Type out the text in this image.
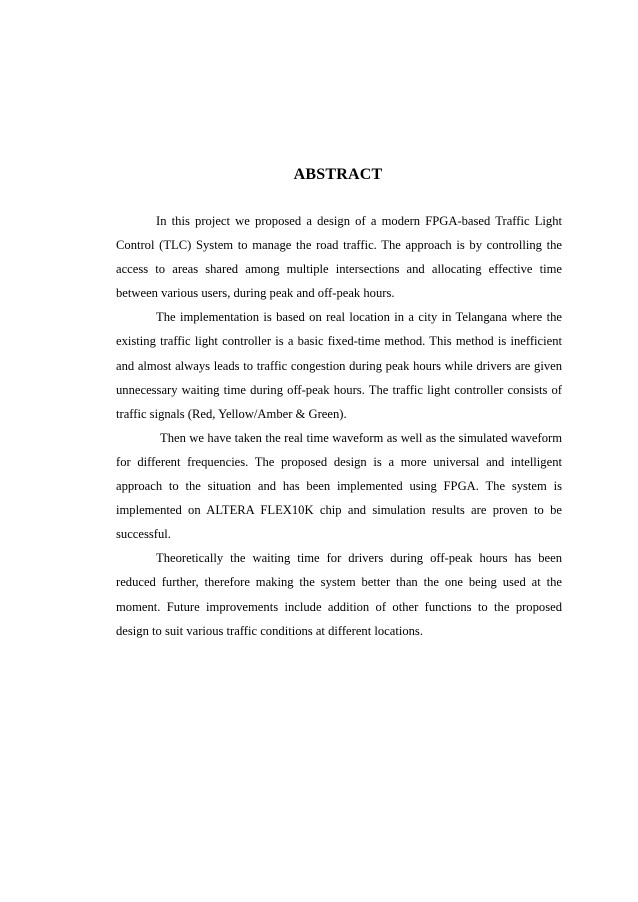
ABSTRACT

In this project we proposed a design of a modern FPGA-based Traffic Light Control (TLC) System to manage the road traffic. The approach is by controlling the access to areas shared among multiple intersections and allocating effective time between various users, during peak and off-peak hours.

The implementation is based on real location in a city in Telangana where the existing traffic light controller is a basic fixed-time method. This method is inefficient and almost always leads to traffic congestion during peak hours while drivers are given unnecessary waiting time during off-peak hours. The traffic light controller consists of traffic signals (Red, Yellow/Amber & Green).

Then we have taken the real time waveform as well as the simulated waveform for different frequencies. The proposed design is a more universal and intelligent approach to the situation and has been implemented using FPGA. The system is implemented on ALTERA FLEX10K chip and simulation results are proven to be successful.

Theoretically the waiting time for drivers during off-peak hours has been reduced further, therefore making the system better than the one being used at the moment. Future improvements include addition of other functions to the proposed design to suit various traffic conditions at different locations.
